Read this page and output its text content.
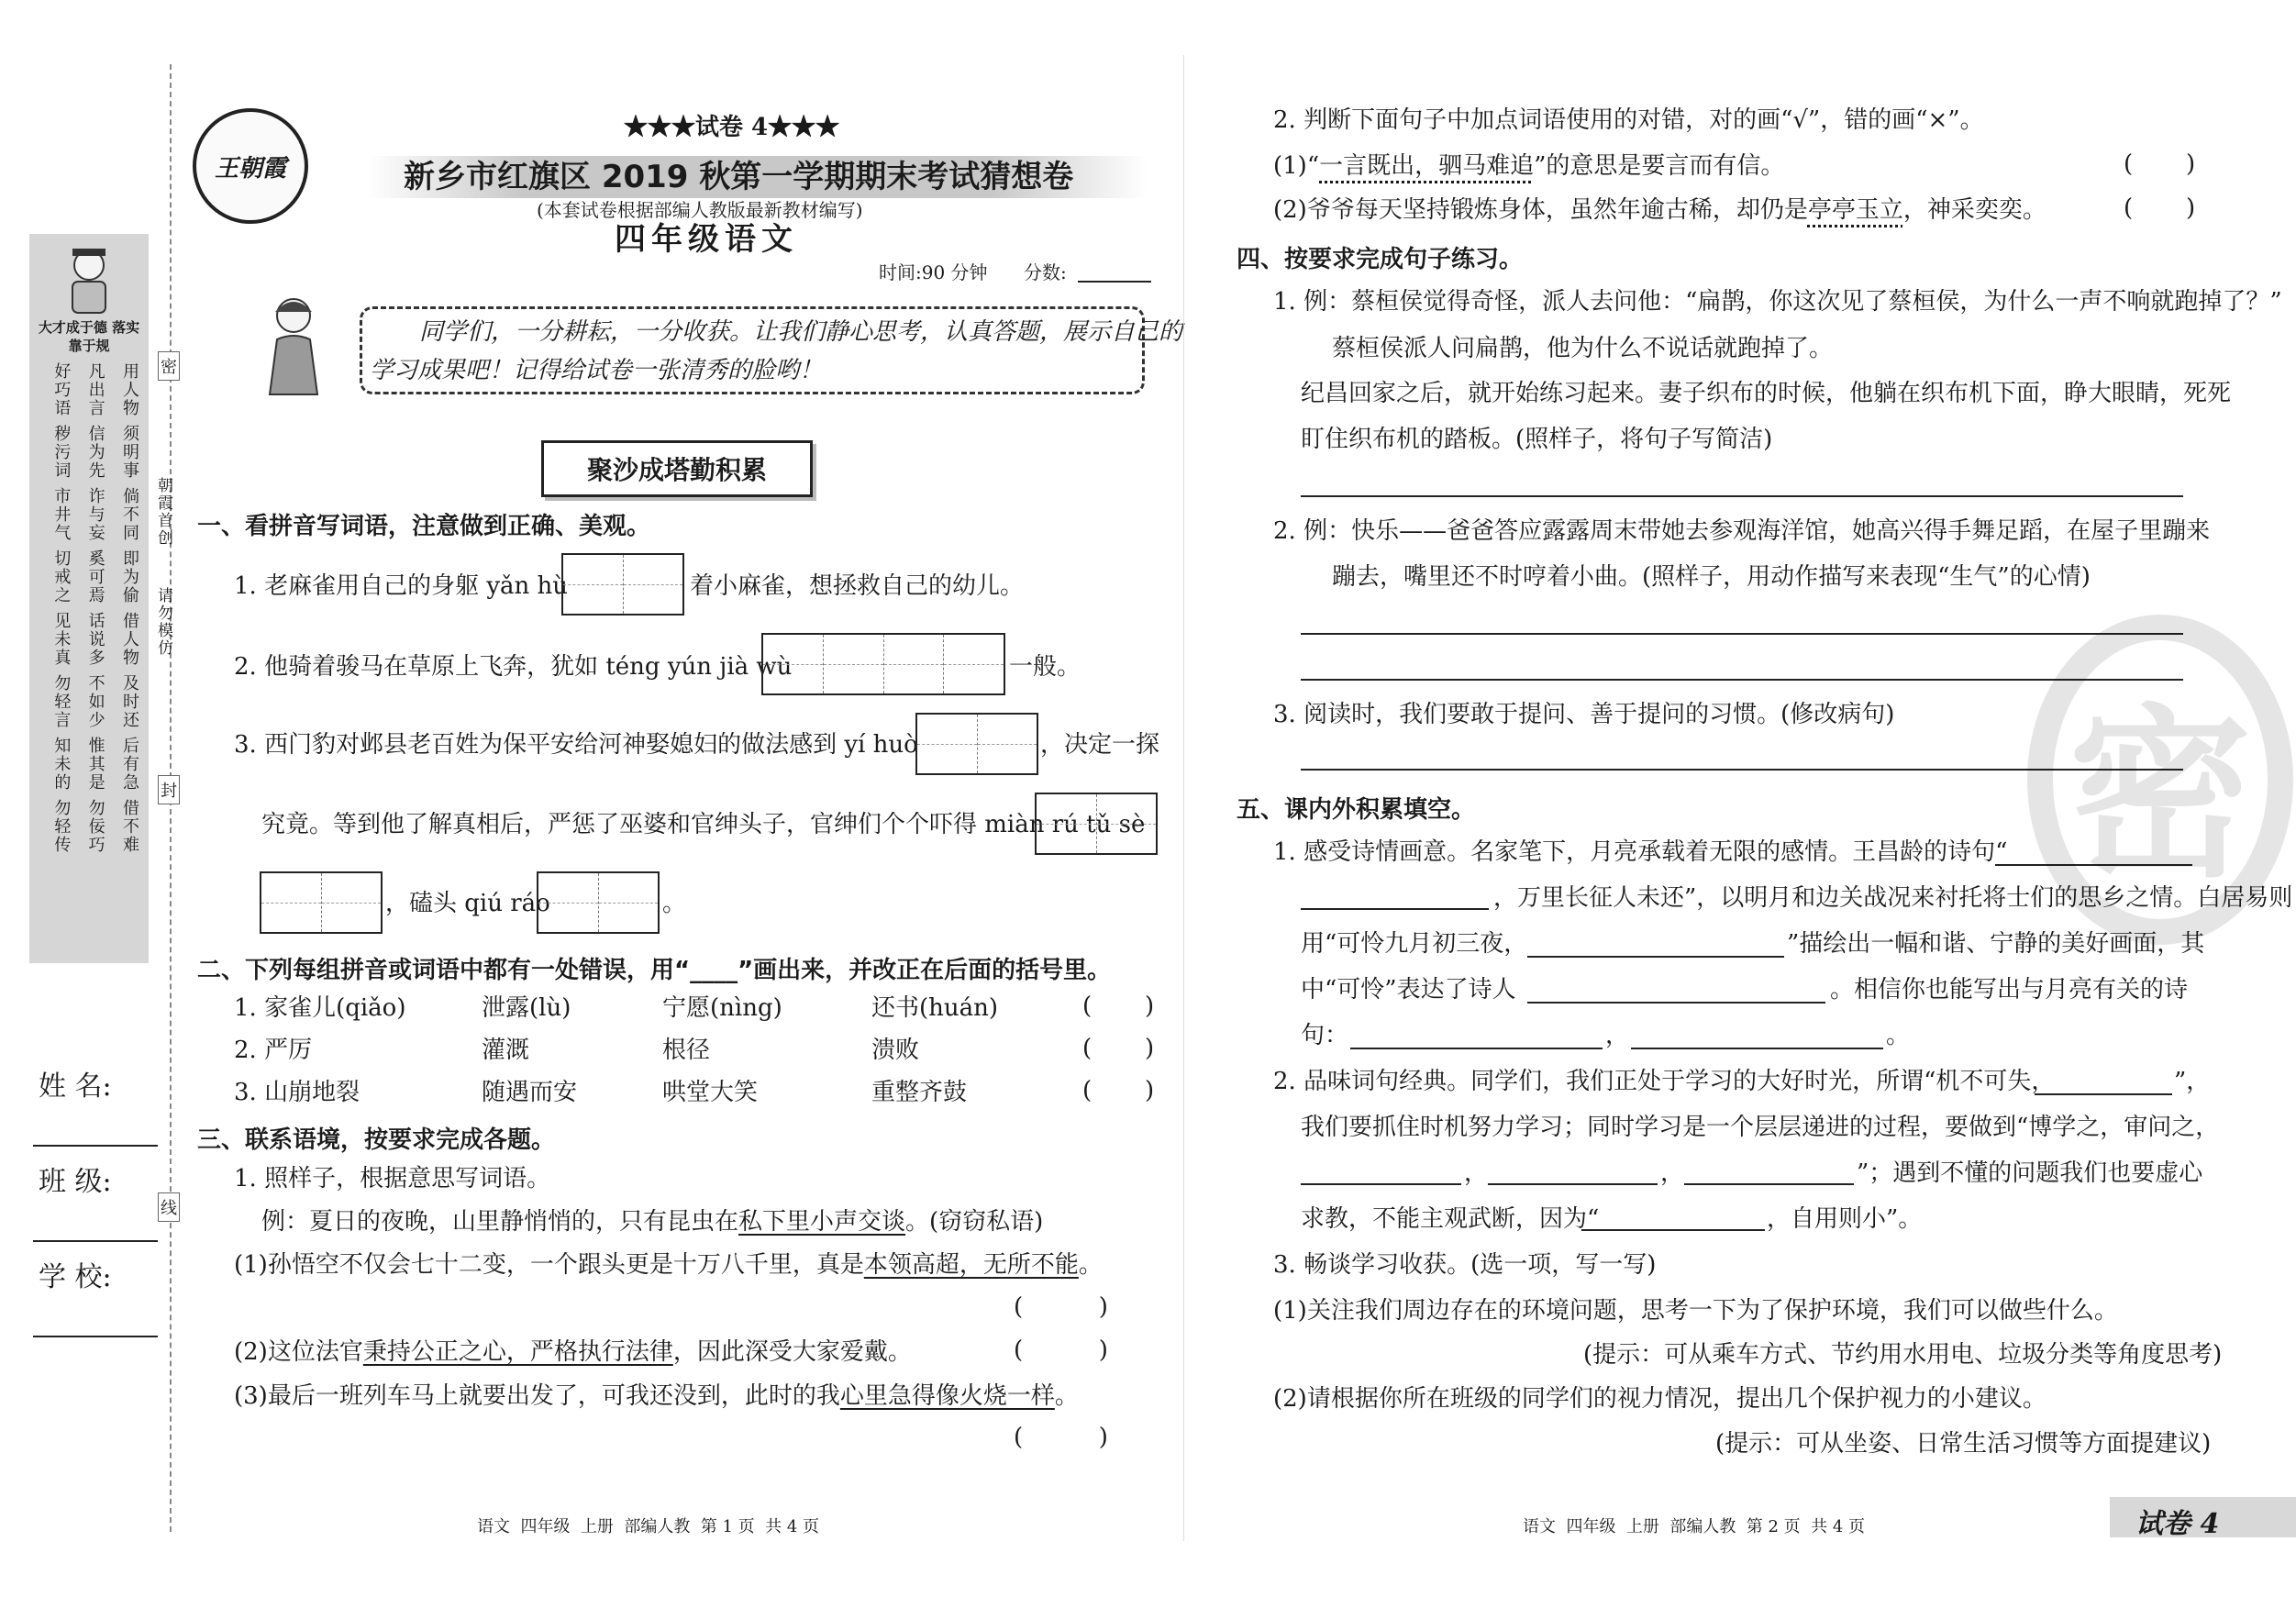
大才成于德 落实靠于规
好巧语 凡出言 用人物
秽污词 信为先 须明事
市井气 诈与妄 倘不同
切戒之 奚可焉 即为偷
见未真 话说多 借人物
勿轻言 不如少 及时还
知未的 惟其是 后有急
勿轻传 勿佞巧 借不难
朝霞首创
请勿模仿
密
封
线
姓 名:
班 级:
学 校:
王朝霞
★★★试卷 4★★★
新乡市红旗区 2019 秋第一学期期末考试猜想卷
(本套试卷根据部编人教版最新教材编写)
四年级语文
时间:90 分钟 分数:
同学们，一分耕耘，一分收获。让我们静心思考，认真答题，展示自己的
学习成果吧！记得给试卷一张清秀的脸哟！
聚沙成塔勤积累
一、看拼音写词语，注意做到正确、美观。
1. 老麻雀用自己的身躯 yǎn hù	着小麻雀，想拯救自己的幼儿。
2. 他骑着骏马在草原上飞奔，犹如 téng yún jià wù	一般。
3. 西门豹对邺县老百姓为保平安给河神娶媳妇的做法感到 yí huò	，决定一探
究竟。等到他了解真相后，严惩了巫婆和官绅头子，官绅们个个吓得 miàn rú tǔ sè
，磕头 qiú ráo	。
二、下列每组拼音或词语中都有一处错误，用“____”画出来，并改正在后面的括号里。
1. 家雀儿(qiǎo)	泄露(lù)	宁愿(nìng)	还书(huán)	(       )
2. 严厉	灌溉	根径	溃败	(       )
3. 山崩地裂	随遇而安	哄堂大笑	重整齐鼓	(       )
三、联系语境，按要求完成各题。
1. 照样子，根据意思写词语。
例：夏日的夜晚，山里静悄悄的，只有昆虫在私下里小声交谈。(窃窃私语)
(1)孙悟空不仅会七十二变，一个跟头更是十万八千里，真是本领高超，无所不能。
(          )
(2)这位法官秉持公正之心，严格执行法律，因此深受大家爱戴。	(          )
(3)最后一班列车马上就要出发了，可我还没到，此时的我心里急得像火烧一样。
(          )
语文  四年级  上册  部编人教  第 1 页  共 4 页
2. 判断下面句子中加点词语使用的对错，对的画“√”，错的画“×”。
(1)“一言既出，驷马难追”的意思是要言而有信。	(       )
(2)爷爷每天坚持锻炼身体，虽然年逾古稀，却仍是亭亭玉立，神采奕奕。	(       )
四、按要求完成句子练习。
1. 例：蔡桓侯觉得奇怪，派人去问他：“扁鹊，你这次见了蔡桓侯，为什么一声不响就跑掉了？”
蔡桓侯派人问扁鹊，他为什么不说话就跑掉了。
纪昌回家之后，就开始练习起来。妻子织布的时候，他躺在织布机下面，睁大眼睛，死死
盯住织布机的踏板。(照样子，将句子写简洁)
2. 例：快乐——爸爸答应露露周末带她去参观海洋馆，她高兴得手舞足蹈，在屋子里蹦来
蹦去，嘴里还不时哼着小曲。(照样子，用动作描写来表现“生气”的心情)
3. 阅读时，我们要敢于提问、善于提问的习惯。(修改病句)
五、课内外积累填空。
1. 感受诗情画意。名家笔下，月亮承载着无限的感情。王昌龄的诗句“
，万里长征人未还”，以明月和边关战况来衬托将士们的思乡之情。白居易则
用“可怜九月初三夜，	”描绘出一幅和谐、宁静的美好画面，其
中“可怜”表达了诗人	。相信你也能写出与月亮有关的诗
句：	，	。
2. 品味词句经典。同学们，我们正处于学习的大好时光，所谓“机不可失，	”，
我们要抓住时机努力学习；同时学习是一个层层递进的过程，要做到“博学之，审问之，
，	，	”；遇到不懂的问题我们也要虚心
求教，不能主观武断，因为“	，自用则小”。
3. 畅谈学习收获。(选一项，写一写)
(1)关注我们周边存在的环境问题，思考一下为了保护环境，我们可以做些什么。
(提示：可从乘车方式、节约用水用电、垃圾分类等角度思考)
(2)请根据你所在班级的同学们的视力情况，提出几个保护视力的小建议。
(提示：可从坐姿、日常生活习惯等方面提建议)
语文  四年级  上册  部编人教  第 2 页  共 4 页	试卷 4
密
